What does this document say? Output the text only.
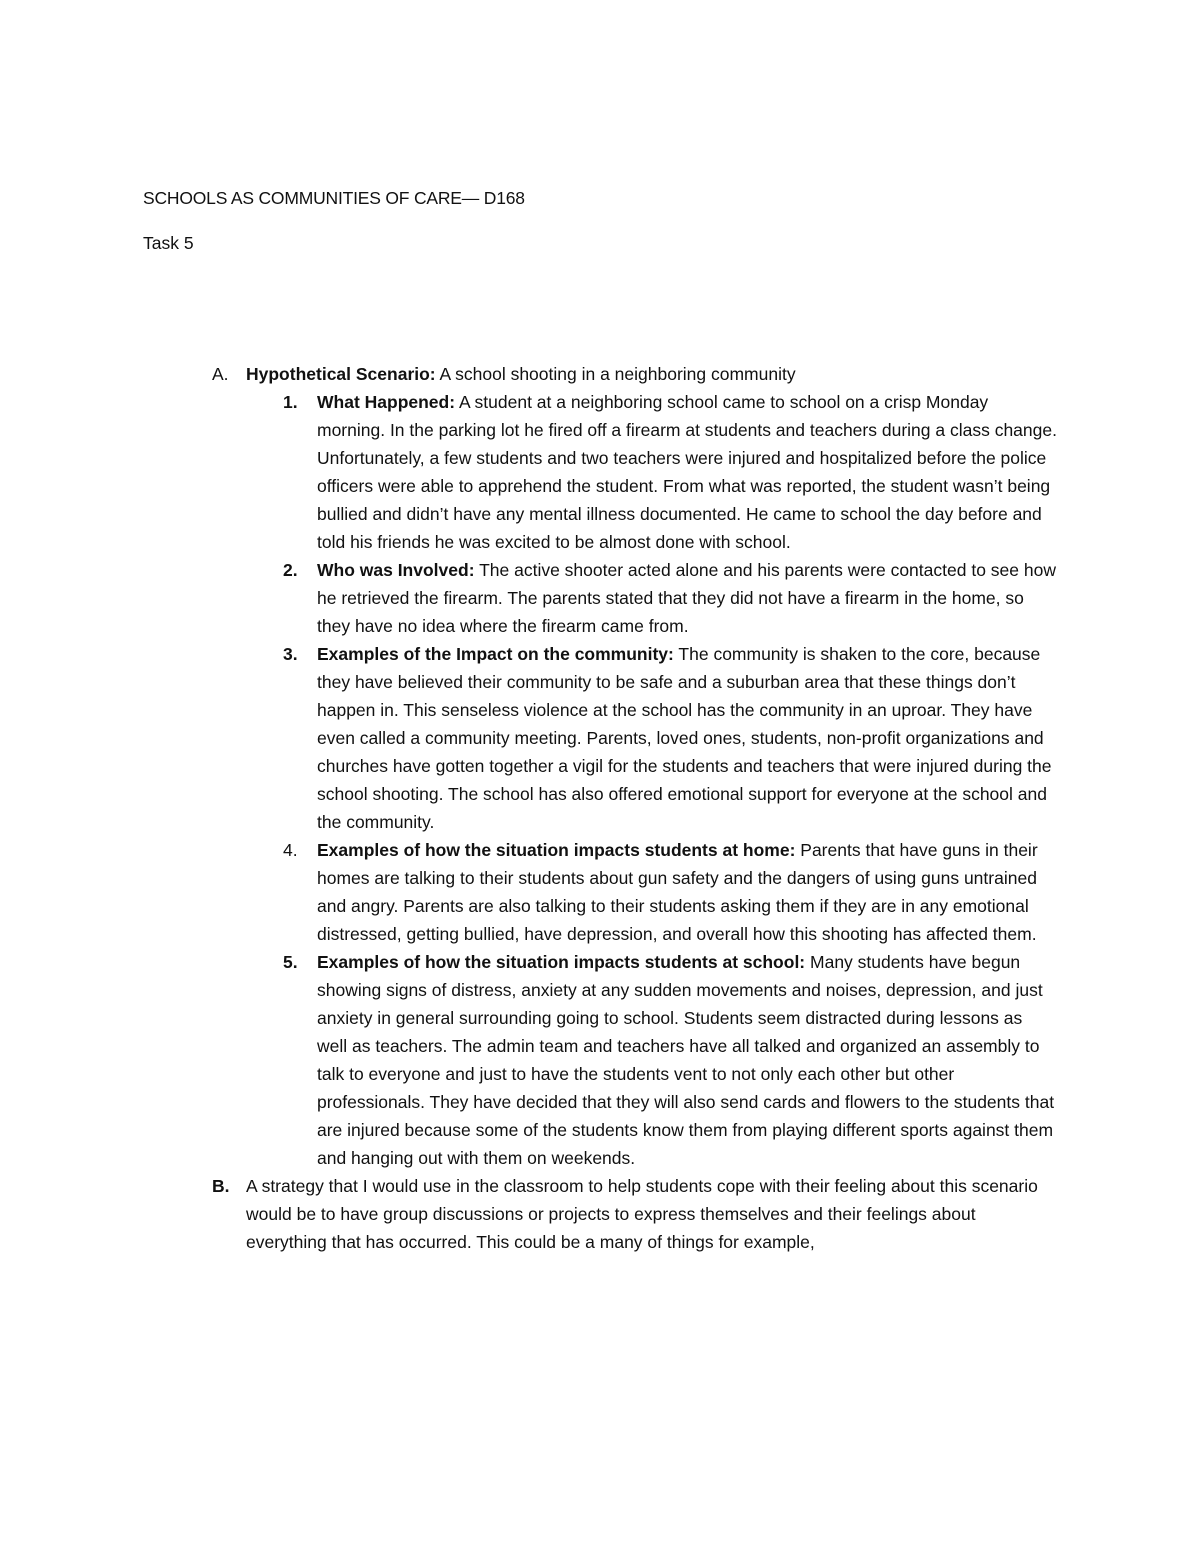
SCHOOLS AS COMMUNITIES OF CARE— D168
Task 5
A. Hypothetical Scenario: A school shooting in a neighboring community
1. What Happened: A student at a neighboring school came to school on a crisp Monday morning. In the parking lot he fired off a firearm at students and teachers during a class change. Unfortunately, a few students and two teachers were injured and hospitalized before the police officers were able to apprehend the student. From what was reported, the student wasn’t being bullied and didn’t have any mental illness documented. He came to school the day before and told his friends he was excited to be almost done with school.
2. Who was Involved: The active shooter acted alone and his parents were contacted to see how he retrieved the firearm. The parents stated that they did not have a firearm in the home, so they have no idea where the firearm came from.
3. Examples of the Impact on the community: The community is shaken to the core, because they have believed their community to be safe and a suburban area that these things don’t happen in. This senseless violence at the school has the community in an uproar. They have even called a community meeting. Parents, loved ones, students, non-profit organizations and churches have gotten together a vigil for the students and teachers that were injured during the school shooting. The school has also offered emotional support for everyone at the school and the community.
4. Examples of how the situation impacts students at home: Parents that have guns in their homes are talking to their students about gun safety and the dangers of using guns untrained and angry. Parents are also talking to their students asking them if they are in any emotional distressed, getting bullied, have depression, and overall how this shooting has affected them.
5. Examples of how the situation impacts students at school: Many students have begun showing signs of distress, anxiety at any sudden movements and noises, depression, and just anxiety in general surrounding going to school. Students seem distracted during lessons as well as teachers. The admin team and teachers have all talked and organized an assembly to talk to everyone and just to have the students vent to not only each other but other professionals. They have decided that they will also send cards and flowers to the students that are injured because some of the students know them from playing different sports against them and hanging out with them on weekends.
B. A strategy that I would use in the classroom to help students cope with their feeling about this scenario would be to have group discussions or projects to express themselves and their feelings about everything that has occurred. This could be a many of things for example,
